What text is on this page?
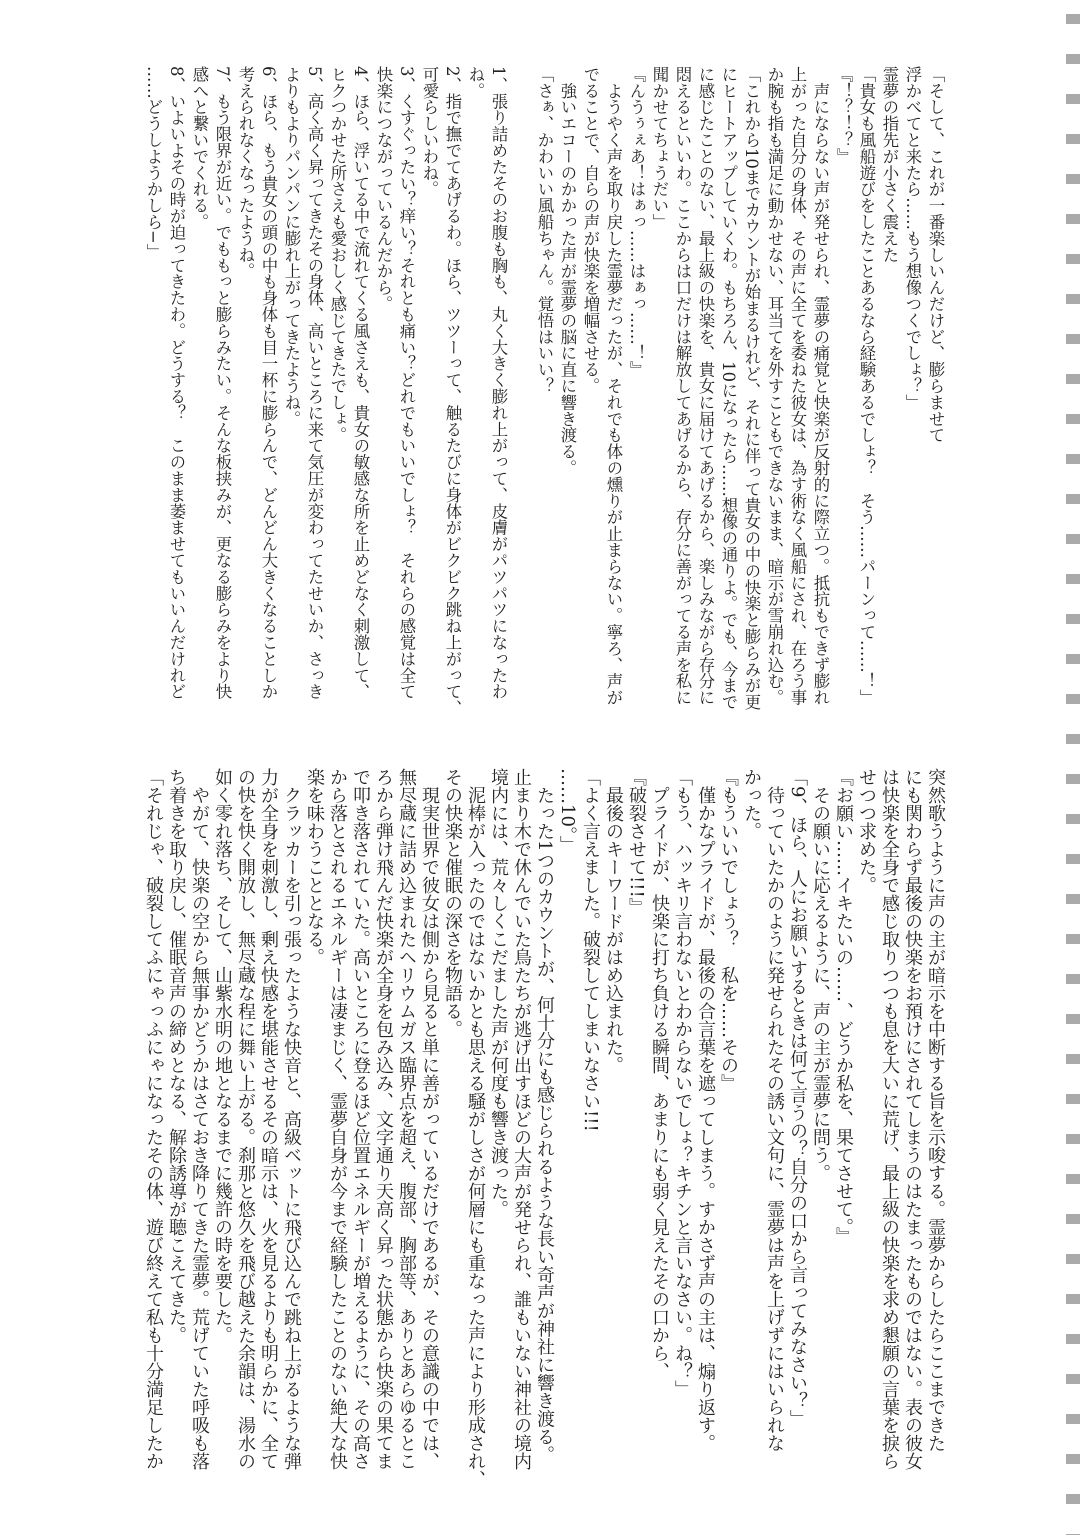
「そして、これが一番楽しいんだけど、膨らませて
浮かべてと来たら……もう想像つくでしょ？」
霊夢の指先が小さく震えた
「貴女も風船遊びをしたことあるなら経験あるでしょ？　そう……パーンって……！」
『！？！？』
　声にならない声が発せられ、霊夢の痛覚と快楽が反射的に際立つ。抵抗もできず膨れ
上がった自分の身体、その声に全てを委ねた彼女は、為す術なく風船にされ、在ろう事
か腕も指も満足に動かせない、耳当てを外すこともできないまま、暗示が雪崩れ込む。
「これから10までカウントが始まるけれど、それに伴って貴女の中の快楽と膨らみが更
にヒートアップしていくわ。もちろん、10になったら……想像の通りよ。でも、今まで
に感じたことのない、最上級の快楽を、貴女に届けてあげるから、楽しみながら存分に
悶えるといいわ。ここからは口だけは解放してあげるから、存分に善がってる声を私に
聞かせてちょうだい」
『んうぅぇあ！はぁっ……はぁっ……！』
　ようやく声を取り戻した霊夢だったが、それでも体の燻りが止まらない。寧ろ、声が
でることで、自らの声が快楽を増幅させる。
　強いエコーのかかった声が霊夢の脳に直に響き渡る。
「さぁ、かわいい風船ちゃん。覚悟はいい？
1、張り詰めたそのお腹も胸も、丸く大きく膨れ上がって、皮膚がパツパツになったわ
ね。
2、指で撫でてあげるわ。ほら、ツツーって、触るたびに身体がビクビク跳ね上がって、
可愛らしいわね。
3、くすぐったい？痒い？それとも痛い？どれでもいいでしょ？　それらの感覚は全て
快楽につながっているんだから。
4、ほら、浮いてる中で流れてくる風さえも、貴女の敏感な所を止めどなく刺激して、
ヒクつかせた所さえも愛おしく感じてきたでしょ。
5、高く高く昇ってきたその身体、高いところに来て気圧が変わってたせいか、さっき
よりもよりパンパンに膨れ上がってきたようね。
6、ほら、もう貴女の頭の中も身体も目一杯に膨らんで、どんどん大きくなることしか
考えられなくなったようね。
7、もう限界が近い。でももっと膨らみたい。そんな板挟みが、更なる膨らみをより快
感へと繋いでくれる。
8、いよいよその時が迫ってきたわ。どうする？　このまま萎ませてもいいんだけれど
……どうしようかしら−」
突然歌うように声の主が暗示を中断する旨を示唆する。霊夢からしたらここまできた
にも関わらず最後の快楽をお預けにされてしまうのはたまったものではない。表の彼女
は快楽を全身で感じ取りつつも息を大いに荒げ、最上級の快楽を求め懇願の言葉を捩ら
せつつ求めた。
『お願い……イキたいの……、どうか私を、果てさせて。』
　その願いに応えるように、声の主が霊夢に問う。
「9、ほら、人にお願いするときは何て言うの？自分の口から言ってみなさい？」
　待っていたかのように発せられたその誘い文句に、霊夢は声を上げずにはいられな
かった。
『もういいでしょう？　私を……その』
　僅かなプライドが、最後の合言葉を遮ってしまう。すかさず声の主は、煽り返す。
「もう、ハッキリ言わないとわからないでしょ？キチンと言いなさい。ね？」
　プライドが、快楽に打ち負ける瞬間、あまりにも弱く見えたその口から、
『破裂させて!!!』
　最後のキーワードがはめ込まれた。
「よく言えました。破裂してしまいなさい!!!
……10。」
　たった1つのカウントが、何十分にも感じられるような長い奇声が神社に響き渡る。
止まり木で休んでいた鳥たちが逃げ出すほどの大声が発せられ、誰もいない神社の境内
境内には、荒々しくこだました声が何度も響き渡った。
　泥棒が入ったのではないかとも思える騒がしさが何層にも重なった声により形成され、
その快楽と催眠の深さを物語る。
　現実世界で彼女は側から見ると単に善がっているだけであるが、その意識の中では、
無尽蔵に詰め込まれたヘリウムガス臨界点を超え、腹部、胸部等、ありとあらゆるとこ
ろから弾け飛んだ快楽が全身を包み込み、文字通り天高く昇った状態から快楽の果てま
で叩き落されていた。高いところに登るほど位置エネルギーが増えるように、その高さ
から落とされるエネルギーは凄まじく、霊夢自身が今まで経験したことのない絶大な快
楽を味わうこととなる。
　クラッカーを引っ張ったような快音と、高級ベットに飛び込んで跳ね上がるような弾
力が全身を刺激し、剰え快感を堪能させるその暗示は、火を見るよりも明らかに、全て
の快を快く開放し、無尽蔵な程に舞い上がる。刹那と悠久を飛び越えた余韻は、湯水の
如く零れ落ち、そして、山紫水明の地となるまでに幾許の時を要した。
　やがて、快楽の空から無事かどうかはさておき降りてきた霊夢。荒げていた呼吸も落
ち着きを取り戻し、催眠音声の締めとなる、解除誘導が聴こえてきた。
「それじゃ、破裂してふにゃっふにゃになったその体、遊び終えて私も十分満足したか
